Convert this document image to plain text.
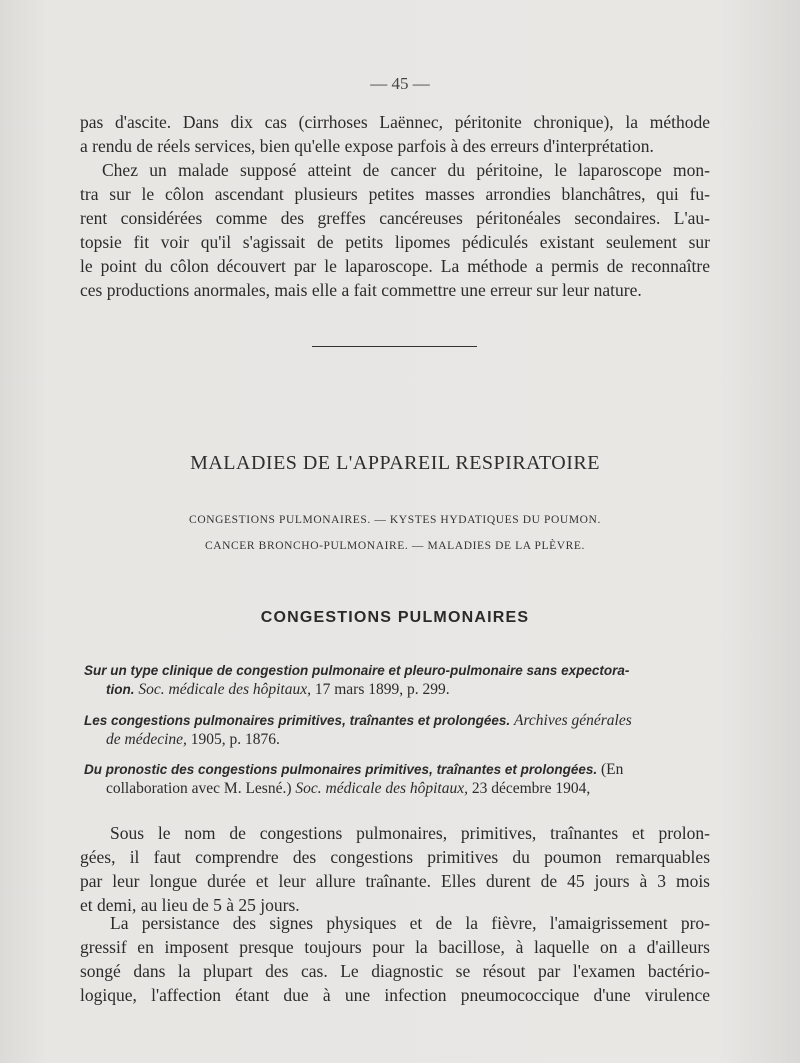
— 45 —
pas d'ascite. Dans dix cas (cirrhoses Laënnec, péritonite chronique), la méthode
a rendu de réels services, bien qu'elle expose parfois à des erreurs d'interprétation.
Chez un malade supposé atteint de cancer du péritoine, le laparoscope mon-
tra sur le côlon ascendant plusieurs petites masses arrondies blanchâtres, qui fu-
rent considérées comme des greffes cancéreuses péritonéales secondaires. L'au-
topsie fit voir qu'il s'agissait de petits lipomes pédiculés existant seulement sur
le point du côlon découvert par le laparoscope. La méthode a permis de reconnaître
ces productions anormales, mais elle a fait commettre une erreur sur leur nature.
MALADIES DE L'APPAREIL RESPIRATOIRE
CONGESTIONS PULMONAIRES. — KYSTES HYDATIQUES DU POUMON.
CANCER BRONCHO-PULMONAIRE. — MALADIES DE LA PLÈVRE.
CONGESTIONS PULMONAIRES
Sur un type clinique de congestion pulmonaire et pleuro-pulmonaire sans expectora-

tion. Soc. médicale des hôpitaux, 17 mars 1899, p. 299.
Les congestions pulmonaires primitives, traînantes et prolongées. Archives générales

de médecine, 1905, p. 1876.
Du pronostic des congestions pulmonaires primitives, traînantes et prolongées. (En

collaboration avec M. Lesné.) Soc. médicale des hôpitaux, 23 décembre 1904,
Sous le nom de congestions pulmonaires, primitives, traînantes et prolon-
gées, il faut comprendre des congestions primitives du poumon remarquables
par leur longue durée et leur allure traînante. Elles durent de 45 jours à 3 mois
et demi, au lieu de 5 à 25 jours.
La persistance des signes physiques et de la fièvre, l'amaigrissement pro-
gressif en imposent presque toujours pour la bacillose, à laquelle on a d'ailleurs
songé dans la plupart des cas. Le diagnostic se résout par l'examen bactério-
logique, l'affection étant due à une infection pneumococcique d'une virulence
